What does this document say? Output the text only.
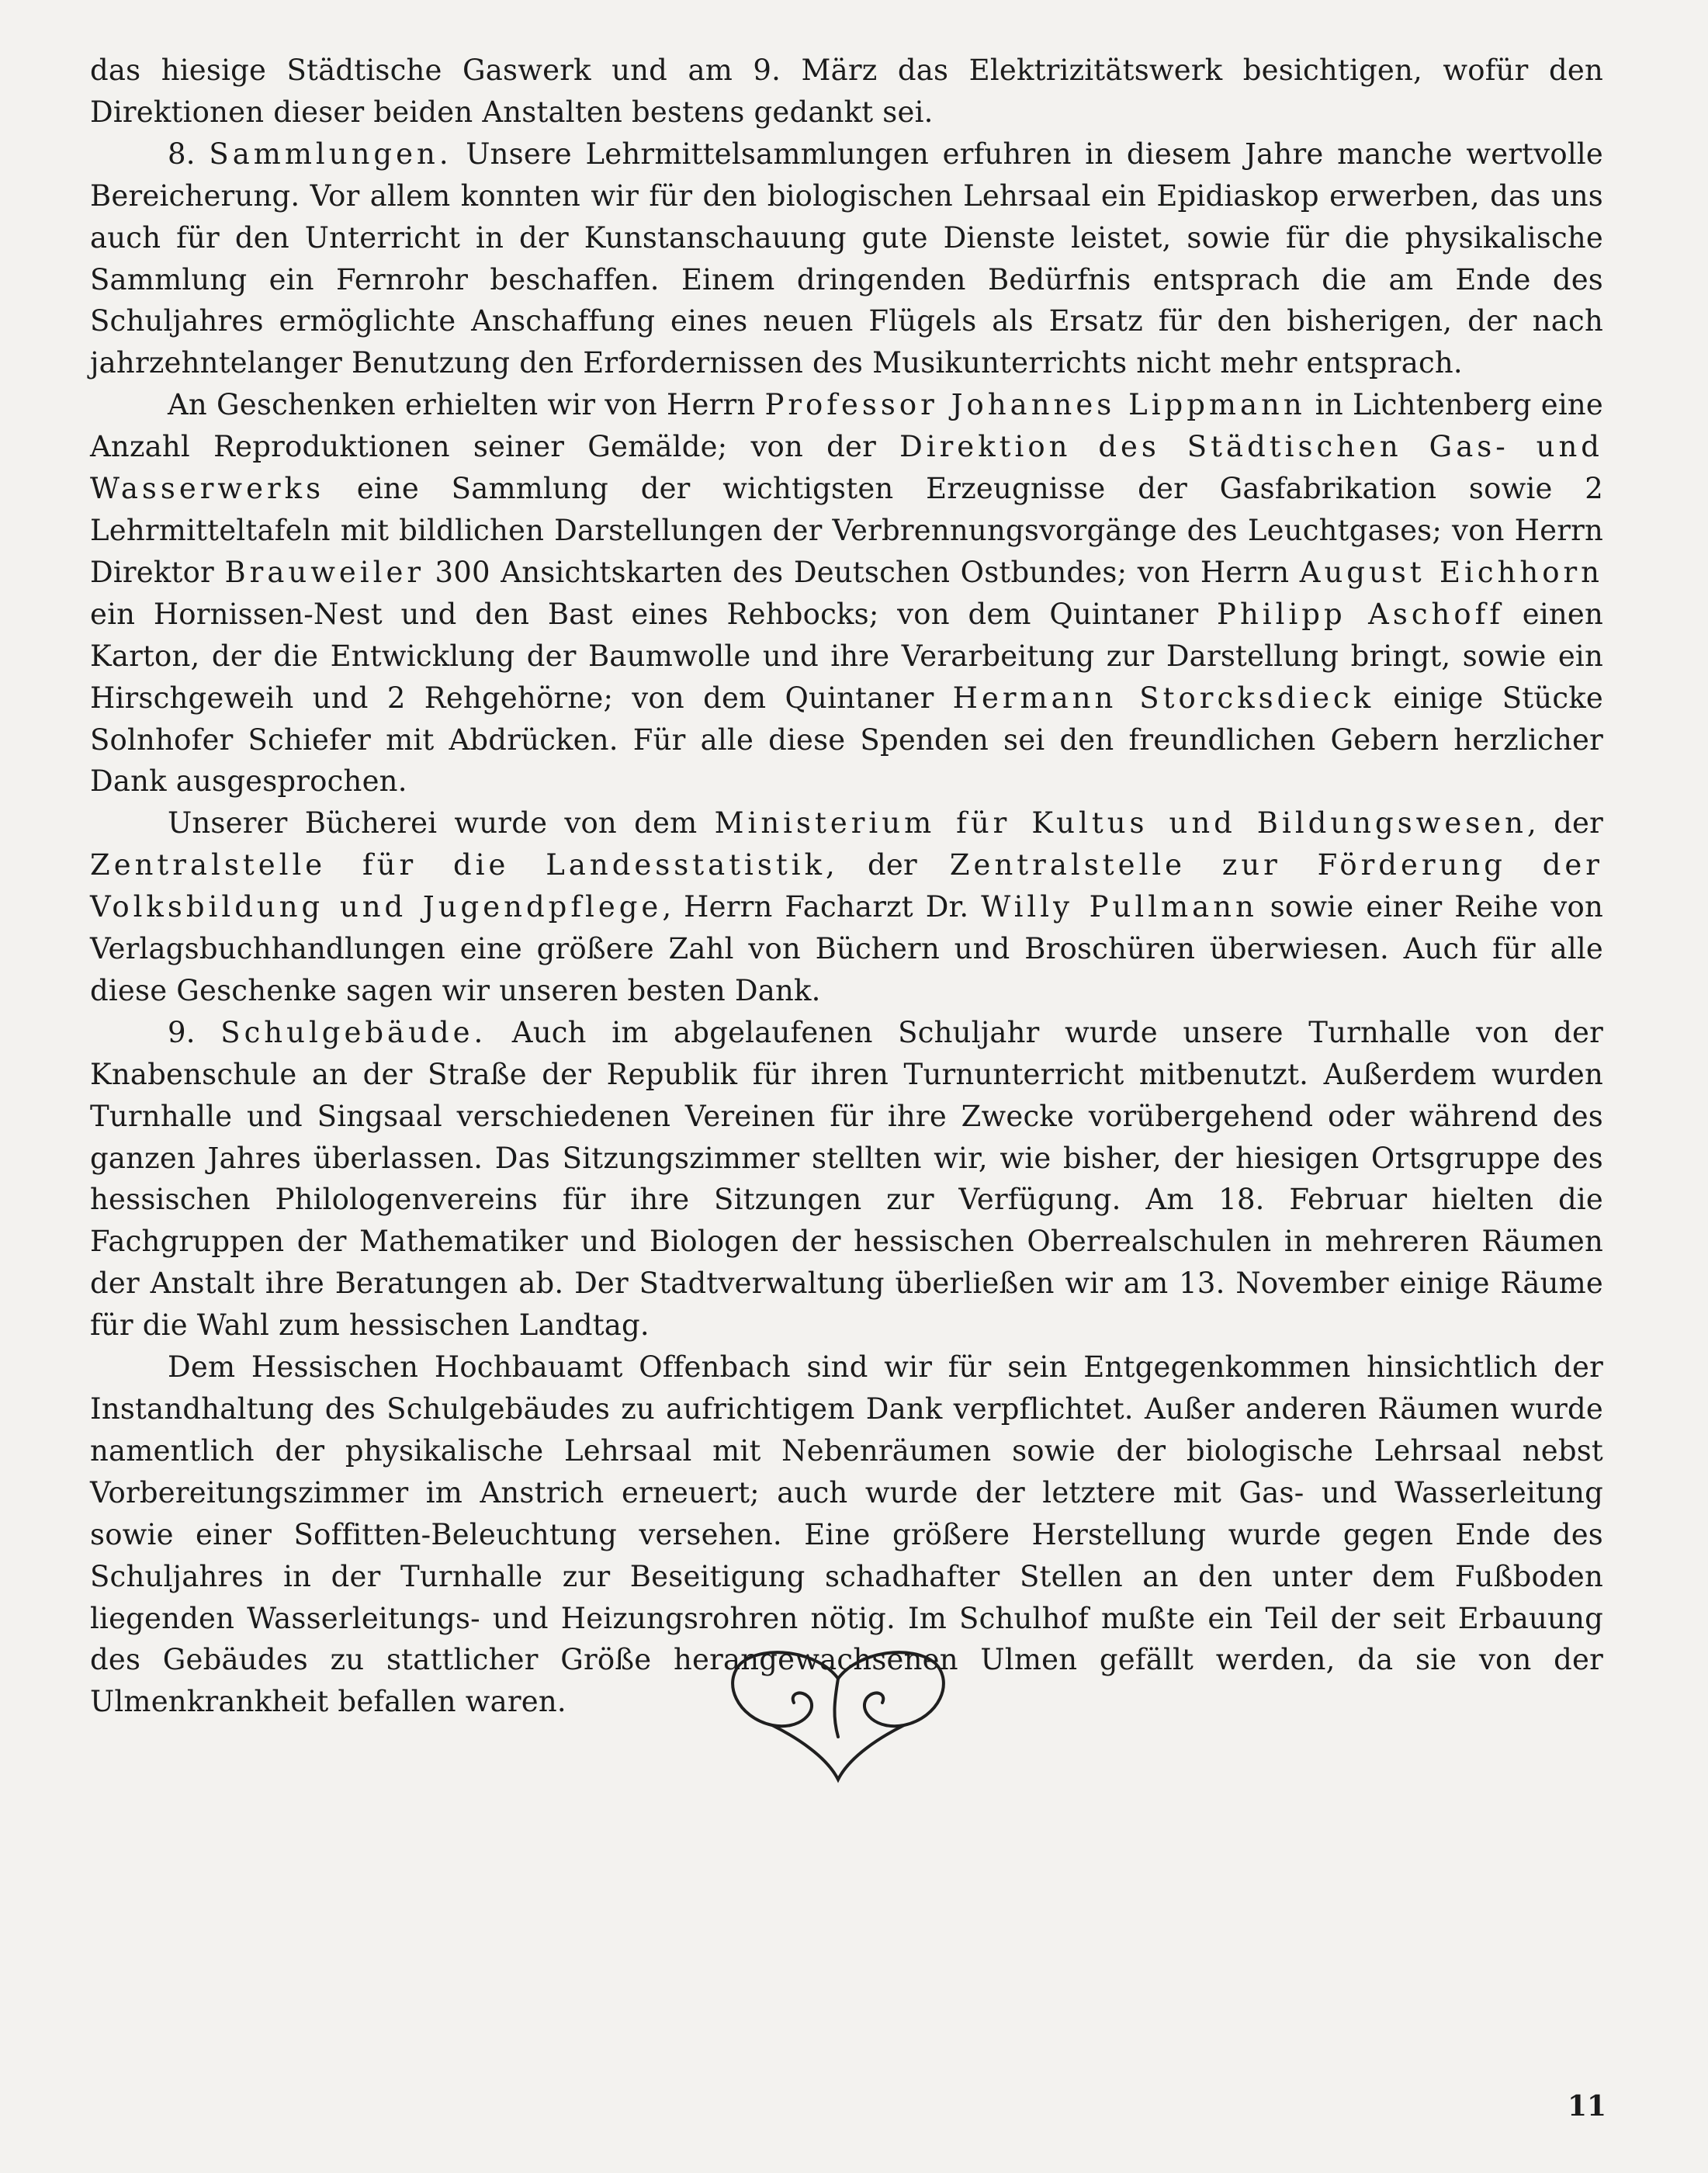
das hiesige Städtische Gaswerk und am 9. März das Elektrizitätswerk besichtigen, wofür den Direktionen dieser beiden Anstalten bestens gedankt sei.

8. Sammlungen. Unsere Lehrmittelsammlungen erfuhren in diesem Jahre manche wertvolle Bereicherung. Vor allem konnten wir für den biologischen Lehrsaal ein Epidiaskop erwerben, das uns auch für den Unterricht in der Kunstanschauung gute Dienste leistet, sowie für die physikalische Sammlung ein Fernrohr beschaffen. Einem dringenden Bedürfnis entsprach die am Ende des Schuljahres ermöglichte Anschaffung eines neuen Flügels als Ersatz für den bisherigen, der nach jahrzehntelanger Benutzung den Erfordernissen des Musikunterrichts nicht mehr entsprach.

An Geschenken erhielten wir von Herrn Professor Johannes Lippmann in Lichtenberg eine Anzahl Reproduktionen seiner Gemälde; von der Direktion des Städtischen Gas- und Wasserwerks eine Sammlung der wichtigsten Erzeugnisse der Gasfabrikation sowie 2 Lehrmitteltafeln mit bildlichen Darstellungen der Verbrennungsvorgänge des Leuchtgases; von Herrn Direktor Brauweiler 300 Ansichtskarten des Deutschen Ostbundes; von Herrn August Eichhorn ein Hornissen-Nest und den Bast eines Rehbocks; von dem Quintaner Philipp Aschoff einen Karton, der die Entwicklung der Baumwolle und ihre Verarbeitung zur Darstellung bringt, sowie ein Hirschgeweih und 2 Rehgehörne; von dem Quintaner Hermann Storcksdieck einige Stücke Solnhofer Schiefer mit Abdrücken. Für alle diese Spenden sei den freundlichen Gebern herzlicher Dank ausgesprochen.

Unserer Bücherei wurde von dem Ministerium für Kultus und Bildungswesen, der Zentralstelle für die Landesstatistik, der Zentralstelle zur Förderung der Volksbildung und Jugendpflege, Herrn Facharzt Dr. Willy Pullmann sowie einer Reihe von Verlagsbuchhandlungen eine größere Zahl von Büchern und Broschüren überwiesen. Auch für alle diese Geschenke sagen wir unseren besten Dank.

9. Schulgebäude. Auch im abgelaufenen Schuljahr wurde unsere Turnhalle von der Knabenschule an der Straße der Republik für ihren Turnunterricht mitbenutzt. Außerdem wurden Turnhalle und Singsaal verschiedenen Vereinen für ihre Zwecke vorübergehend oder während des ganzen Jahres überlassen. Das Sitzungszimmer stellten wir, wie bisher, der hiesigen Ortsgruppe des hessischen Philologenvereins für ihre Sitzungen zur Verfügung. Am 18. Februar hielten die Fachgruppen der Mathematiker und Biologen der hessischen Oberrealschulen in mehreren Räumen der Anstalt ihre Beratungen ab. Der Stadtverwaltung überließen wir am 13. November einige Räume für die Wahl zum hessischen Landtag.

Dem Hessischen Hochbauamt Offenbach sind wir für sein Entgegenkommen hinsichtlich der Instandhaltung des Schulgebäudes zu aufrichtigem Dank verpflichtet. Außer anderen Räumen wurde namentlich der physikalische Lehrsaal mit Nebenräumen sowie der biologische Lehrsaal nebst Vorbereitungszimmer im Anstrich erneuert; auch wurde der letztere mit Gas- und Wasserleitung sowie einer Soffitten-Beleuchtung versehen. Eine größere Herstellung wurde gegen Ende des Schuljahres in der Turnhalle zur Beseitigung schadhafter Stellen an den unter dem Fußboden liegenden Wasserleitungs- und Heizungsrohren nötig. Im Schulhof mußte ein Teil der seit Erbauung des Gebäudes zu stattlicher Größe herangewachsenen Ulmen gefällt werden, da sie von der Ulmenkrankheit befallen waren.

11
